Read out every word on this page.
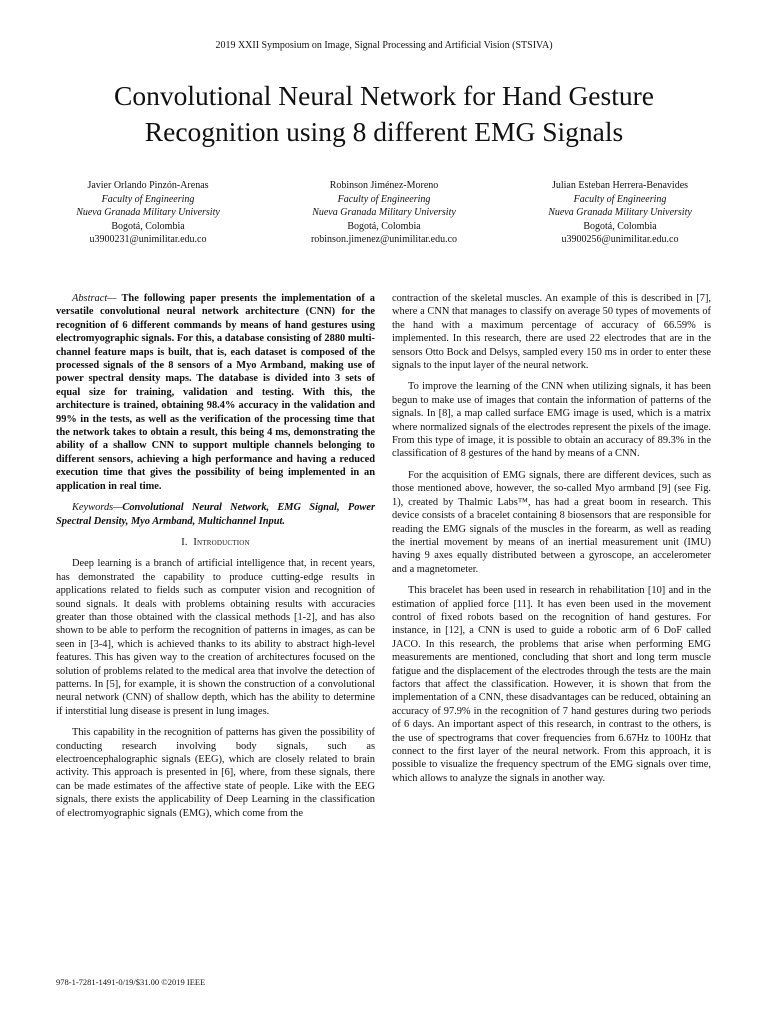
2019 XXII Symposium on Image, Signal Processing and Artificial Vision (STSIVA)
Convolutional Neural Network for Hand Gesture
Recognition using 8 different EMG Signals
Javier Orlando Pinzón-Arenas
Faculty of Engineering
Nueva Granada Military University
Bogotá, Colombia
u3900231@unimilitar.edu.co
Robinson Jiménez-Moreno
Faculty of Engineering
Nueva Granada Military University
Bogotá, Colombia
robinson.jimenez@unimilitar.edu.co
Julian Esteban Herrera-Benavides
Faculty of Engineering
Nueva Granada Military University
Bogotá, Colombia
u3900256@unimilitar.edu.co

Abstract— The following paper presents the implementation of a versatile convolutional neural network architecture (CNN) for the recognition of 6 different commands by means of hand gestures using electromyographic signals. For this, a database consisting of 2880 multi-channel feature maps is built, that is, each dataset is composed of the processed signals of the 8 sensors of a Myo Armband, making use of power spectral density maps. The database is divided into 3 sets of equal size for training, validation and testing. With this, the architecture is trained, obtaining 98.4% accuracy in the validation and 99% in the tests, as well as the verification of the processing time that the network takes to obtain a result, this being 4 ms, demonstrating the ability of a shallow CNN to support multiple channels belonging to different sensors, achieving a high performance and having a reduced execution time that gives the possibility of being implemented in an application in real time.

Keywords—Convolutional Neural Network, EMG Signal, Power Spectral Density, Myo Armband, Multichannel Input.

I. Introduction

Deep learning is a branch of artificial intelligence that, in recent years, has demonstrated the capability to produce cutting-edge results in applications related to fields such as computer vision and recognition of sound signals. It deals with problems obtaining results with accuracies greater than those obtained with the classical methods [1-2], and has also shown to be able to perform the recognition of patterns in images, as can be seen in [3-4], which is achieved thanks to its ability to abstract high-level features. This has given way to the creation of architectures focused on the solution of problems related to the medical area that involve the detection of patterns. In [5], for example, it is shown the construction of a convolutional neural network (CNN) of shallow depth, which has the ability to determine if interstitial lung disease is present in lung images.

This capability in the recognition of patterns has given the possibility of conducting research involving body signals, such as electroencephalographic signals (EEG), which are closely related to brain activity. This approach is presented in [6], where, from these signals, there can be made estimates of the affective state of people. Like with the EEG signals, there exists the applicability of Deep Learning in the classification of electromyographic signals (EMG), which come from the

contraction of the skeletal muscles. An example of this is described in [7], where a CNN that manages to classify on average 50 types of movements of the hand with a maximum percentage of accuracy of 66.59% is implemented. In this research, there are used 22 electrodes that are in the sensors Otto Bock and Delsys, sampled every 150 ms in order to enter these signals to the input layer of the neural network.

To improve the learning of the CNN when utilizing signals, it has been begun to make use of images that contain the information of patterns of the signals. In [8], a map called surface EMG image is used, which is a matrix where normalized signals of the electrodes represent the pixels of the image. From this type of image, it is possible to obtain an accuracy of 89.3% in the classification of 8 gestures of the hand by means of a CNN.

For the acquisition of EMG signals, there are different devices, such as those mentioned above, however, the so-called Myo armband [9] (see Fig. 1), created by Thalmic Labs™, has had a great boom in research. This device consists of a bracelet containing 8 biosensors that are responsible for reading the EMG signals of the muscles in the forearm, as well as reading the inertial movement by means of an inertial measurement unit (IMU) having 9 axes equally distributed between a gyroscope, an accelerometer and a magnetometer.

This bracelet has been used in research in rehabilitation [10] and in the estimation of applied force [11]. It has even been used in the movement control of fixed robots based on the recognition of hand gestures. For instance, in [12], a CNN is used to guide a robotic arm of 6 DoF called JACO. In this research, the problems that arise when performing EMG measurements are mentioned, concluding that short and long term muscle fatigue and the displacement of the electrodes through the tests are the main factors that affect the classification. However, it is shown that from the implementation of a CNN, these disadvantages can be reduced, obtaining an accuracy of 97.9% in the recognition of 7 hand gestures during two periods of 6 days. An important aspect of this research, in contrast to the others, is the use of spectrograms that cover frequencies from 6.67Hz to 100Hz that connect to the first layer of the neural network. From this approach, it is possible to visualize the frequency spectrum of the EMG signals over time, which allows to analyze the signals in another way.

978-1-7281-1491-0/19/$31.00 ©2019 IEEE
